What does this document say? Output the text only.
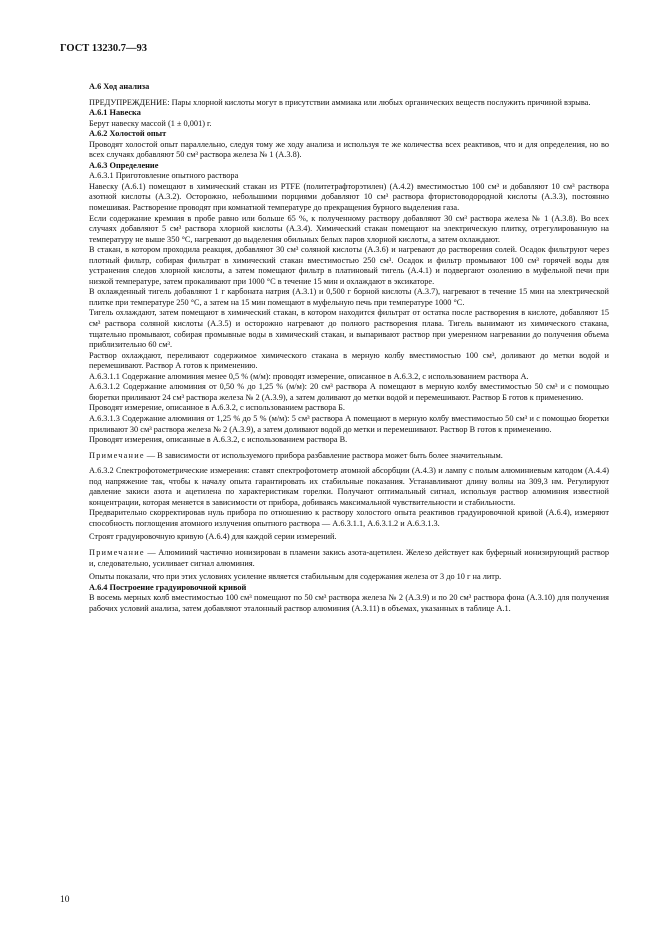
ГОСТ 13230.7—93

А.6 Ход анализа

ПРЕДУПРЕЖДЕНИЕ: Пары хлорной кислоты могут в присутствии аммиака или любых органических веществ послужить причиной взрыва.

А.6.1 Навеска

Берут навеску массой (1 ± 0,001) г.

А.6.2 Холостой опыт

Проводят холостой опыт параллельно, следуя тому же ходу анализа и используя те же количества всех реактивов, что и для определения, но во всех случаях добавляют 50 см³ раствора железа № 1 (А.3.8).

А.6.3 Определение

А.6.3.1 Приготовление опытного раствора

Навеску (А.6.1) помещают в химический стакан из PTFE (политетрафторэтилен) (А.4.2) вместимостью 100 см³ и добавляют 10 см³ раствора азотной кислоты (А.3.2). Осторожно, небольшими порциями добавляют 10 см³ раствора фтористоводородной кислоты (А.3.3), постоянно помешивая. Растворение проводят при комнатной температуре до прекращения бурного выделения газа.

Если содержание кремния в пробе равно или больше 65 %, к полученному раствору добавляют 30 см³ раствора железа № 1 (А.3.8). Во всех случаях добавляют 5 см³ раствора хлорной кислоты (А.3.4). Химический стакан помещают на электрическую плитку, отрегулированную на температуру не выше 350 °С, нагревают до выделения обильных белых паров хлорной кислоты, а затем охлаждают.

В стакан, в котором проходила реакция, добавляют 30 см³ соляной кислоты (А.3.6) и нагревают до растворения солей. Осадок фильтруют через плотный фильтр, собирая фильтрат в химический стакан вместимостью 250 см³. Осадок и фильтр промывают 100 см³ горячей воды для устранения следов хлорной кислоты, а затем помещают фильтр в платиновый тигель (А.4.1) и подвергают озолению в муфельной печи при низкой температуре, затем прокаливают при 1000 °С в течение 15 мин и охлаждают в эксикаторе.

В охлажденный тигель добавляют 1 г карбоната натрия (А.3.1) и 0,500 г борной кислоты (А.3.7), нагревают в течение 15 мин на электрической плитке при температуре 250 °С, а затем на 15 мин помещают в муфельную печь при температуре 1000 °С.

Тигель охлаждают, затем помещают в химический стакан, в котором находится фильтрат от остатка после растворения в кислоте, добавляют 15 см³ раствора соляной кислоты (А.3.5) и осторожно нагревают до полного растворения плава. Тигель вынимают из химического стакана, тщательно промывают, собирая промывные воды в химический стакан, и выпаривают раствор при умеренном нагревании до получения объема приблизительно 60 см³.

Раствор охлаждают, переливают содержимое химического стакана в мерную колбу вместимостью 100 см³, доливают до метки водой и перемешивают. Раствор А готов к применению.

А.6.3.1.1 Содержание алюминия менее 0,5 % (м/м): проводят измерение, описанное в А.6.3.2, с использованием раствора А.

А.6.3.1.2 Содержание алюминия от 0,50 % до 1,25 % (м/м): 20 см³ раствора А помещают в мерную колбу вместимостью 50 см³ и с помощью бюретки приливают 24 см³ раствора железа № 2 (А.3.9), а затем доливают до метки водой и перемешивают. Раствор Б готов к применению.

Проводят измерение, описанное в А.6.3.2, с использованием раствора Б.

А.6.3.1.3 Содержание алюминия от 1,25 % до 5 % (м/м): 5 см³ раствора А помещают в мерную колбу вместимостью 50 см³ и с помощью бюретки приливают 30 см³ раствора железа № 2 (А.3.9), а затем доливают водой до метки и перемешивают. Раствор В готов к применению.

Проводят измерения, описанные в А.6.3.2, с использованием раствора В.

Примечание — В зависимости от используемого прибора разбавление раствора может быть более значительным.

А.6.3.2 Спектрофотометрические измерения: ставят спектрофотометр атомной абсорбции (А.4.3) и лампу с полым алюминиевым катодом (А.4.4) под напряжение так, чтобы к началу опыта гарантировать их стабильные показания. Устанавливают длину волны на 309,3 нм. Регулируют давление закиси азота и ацетилена по характеристикам горелки. Получают оптимальный сигнал, используя раствор алюминия известной концентрации, которая меняется в зависимости от прибора, добиваясь максимальной чувствительности и стабильности.

Предварительно скорректировав нуль прибора по отношению к раствору холостого опыта реактивов градуировочной кривой (А.6.4), измеряют способность поглощения атомного излучения опытного раствора — А.6.3.1.1, А.6.3.1.2 и А.6.3.1.3.

Строят градуировочную кривую (А.6.4) для каждой серии измерений.

Примечание — Алюминий частично ионизирован в пламени закись азота-ацетилен. Железо действует как буферный ионизирующий раствор и, следовательно, усиливает сигнал алюминия.

Опыты показали, что при этих условиях усиление является стабильным для содержания железа от 3 до 10 г на литр.

А.6.4 Построение градуировочной кривой

В восемь мерных колб вместимостью 100 см³ помещают по 50 см³ раствора железа № 2 (А.3.9) и по 20 см³ раствора фона (А.3.10) для получения рабочих условий анализа, затем добавляют эталонный раствор алюминия (А.3.11) в объемах, указанных в таблице А.1.

10
